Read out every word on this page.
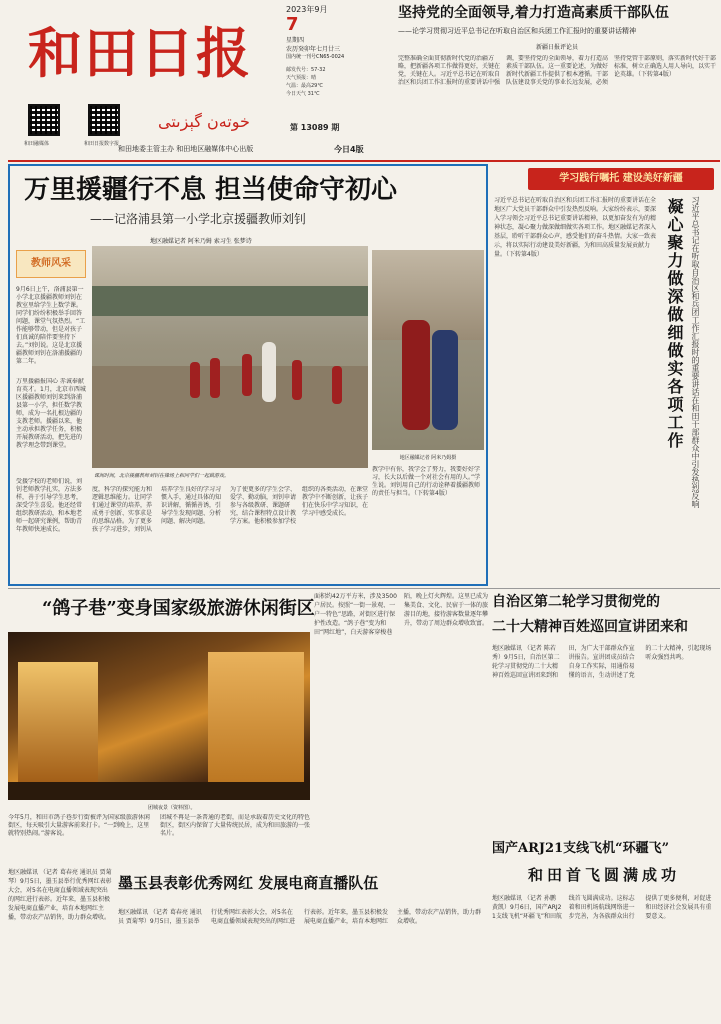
和田日报
2023年9月
7
星期四
农历癸卯年七月廿三
国内统一刊号CN65-0024
邮发代号：57-32
天气预报：晴
气温：最高29℃
今日天气 31℃
خوتەن گېزىتى	第 13089 期
和田融媒体	和田日报数字报
和田地委主管主办 和田地区融媒体中心出版	今日4版
坚持党的全面领导,着力打造高素质干部队伍
——论学习贯彻习近平总书记在听取自治区和兵团工作汇报时的重要讲话精神
新疆日报评论员
完整准确全面贯彻新时代党的治疆方略，把新疆各项工作做得更好，关键在党，关键在人。习近平总书记在听取自治区和兵团工作汇报时的重要讲话中强调，要坚持党的全面领导，着力打造高素质干部队伍。这一重要论述，为做好新时代新疆工作提供了根本遵循。干部队伍建设事关党的事业长远发展，必须坚持党管干部原则，落实新时代好干部标准，树立正确选人用人导向，以实干论英雄。（下转第4版）
万里援疆行不息 担当使命守初心
——记洛浦县第一小学北京援疆教师刘钊
地区融媒记者 阿米乃姆 索习生 张梦诗
教师风采
9月6日上午，洛浦县第一小学北京援疆教师刘钊在教室里给学生上数学课。同学们纷纷积极举手回答问题，课堂气氛热烈。“工作能够带动，但是对孩子们真诚的陪伴要坚持下去。”刘钊说。这是北京援疆教师刘钊在洛浦援疆的第二年。
万里援疆报国心 赤诚奉献育英才。1月，北京市西城区援疆教师刘钊来到洛浦县第一小学，担任数学教师，成为一名扎根边疆的支教老师。援疆以来，他主动承担教学任务，积极开展教研活动，把先进的教学理念带到课堂。
受援学校的老师们说，刘钊老师教学扎实，方法多样，善于引导学生思考，深受学生喜爱。他还经常组织教研活动，和本地老师一起研究课例，帮助青年教师快速成长。
课间时间，北京援疆教师刘钊在操场上和同学们一起做游戏。
度，科学的探究能力和逻辑思维能力。让同学们通过课堂的培养，养成勇于创新、实事求是的思维品格。为了更多孩子学习进步，刘钊从培养学生良好的学习习惯入手，通过具体的知识讲解，循循善诱，引导学生发现问题、分析问题、解决问题。
为了使更多的学生会学、爱学、勤动脑，刘钊申请参与各级教研、课题研究，结合课程特点设计教学方案。他积极参加学校组织的各类活动，在课堂教学中不断创新，让孩子们在快乐中学习知识，在学习中感受成长。
地区融媒记者 阿米乃姆摄
教学中有你，我学会了努力，我要好好学习，长大以后做一个对社会有用的人。”学生说。刘钊用自己的行动诠释着援疆教师的责任与担当。（下转第4版）
学习践行嘱托 建设美好新疆
习近平总书记在听取自治区和兵团工作汇报时的重要讲话在全地区广大党员干部群众中引发热烈反响。大家纷纷表示，要深入学习领会习近平总书记重要讲话精神，以更加奋发有为的精神状态，凝心聚力做深做细做实各项工作。地区融媒记者深入基层，聆听干部群众心声，感受他们的奋斗热情。大家一致表示，将以实际行动建设美好新疆，为和田高质量发展贡献力量。（下转第4版）	凝心聚力做深做细做实各项工作 习近平总书记在听取自治区和兵团工作汇报时的重要讲话在和田干部群众中引发热烈反响
“鸽子巷”变身国家级旅游休闲街区
团城夜景（资料图）。
今年5月，和田市鸽子巷步行街被评为国家级旅游休闲街区，每天吸引大量游客前来打卡。“一到晚上，这里就特别热闹。”游客说。
团城不再是一条普通的老街，而是承载着历史文化的特色街区，街区内保留了大量传统民居，成为和田旅游的一张名片。
面积约42万平方米，涉及3500户居民。按照“一街一景观、一户一特色”思路，对街区进行保护性改造。“鸽子巷”变为和田“网红地”，白天游客穿梭巷陌，晚上灯火辉煌。这里已成为集美食、文化、民宿于一体的旅游目的地，接待游客数量逐年攀升，带动了周边群众增收致富。
自治区第二轮学习贯彻党的
二十大精神百姓巡回宣讲团来和
地区融媒讯 （记者 陈若秀）9月5日，自治区第二轮学习贯彻党的二十大精神百姓巡回宣讲团来到和田，为广大干部群众作宣讲报告。宣讲团成员结合自身工作实际，用通俗易懂的语言，生动讲述了党的二十大精神，引起现场听众强烈共鸣。
国产ARJ21支线飞机“环疆飞”
和田首飞圆满成功
地区融媒讯 （记者 孙鹏 黄凯）9月6日，国产ARJ21支线飞机“环疆飞”和田航线首飞圆满成功。这标志着和田机场航线网络进一步完善，为各族群众出行提供了更多便利，对促进和田经济社会发展具有重要意义。
地区融媒讯 （记者 葛春亮 通讯员 贾菊琴）9月5日，墨玉县举行优秀网红表彰大会，对5名在电商直播领域表现突出的网红进行表彰。近年来，墨玉县积极发展电商直播产业，培育本地网红主播，带动农产品销售，助力群众增收。
墨玉县表彰优秀网红 发展电商直播队伍
地区融媒讯 （记者 葛春亮 通讯员 贾菊琴）9月5日，墨玉县举行优秀网红表彰大会，对5名在电商直播领域表现突出的网红进行表彰。近年来，墨玉县积极发展电商直播产业，培育本地网红主播，带动农产品销售，助力群众增收。
